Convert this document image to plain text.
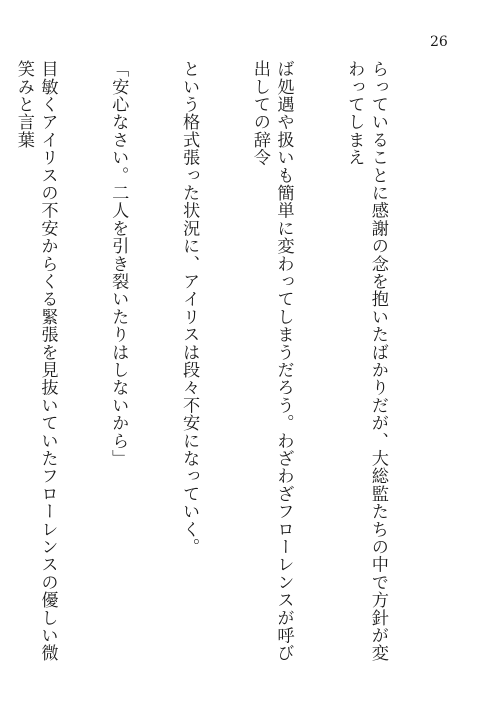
26

らっていることに感謝の念を抱いたばかりだが、大総監たちの中で方針が変わってしまえ

ば処遇や扱いも簡単に変わってしまうだろう。わざわざフローレンスが呼び出しての辞令

という格式張った状況に、アイリスは段々不安になっていく。

「安心なさい。二人を引き裂いたりはしないから」

目敏くアイリスの不安からくる緊張を見抜いていたフローレンスの優しい微笑みと言葉
